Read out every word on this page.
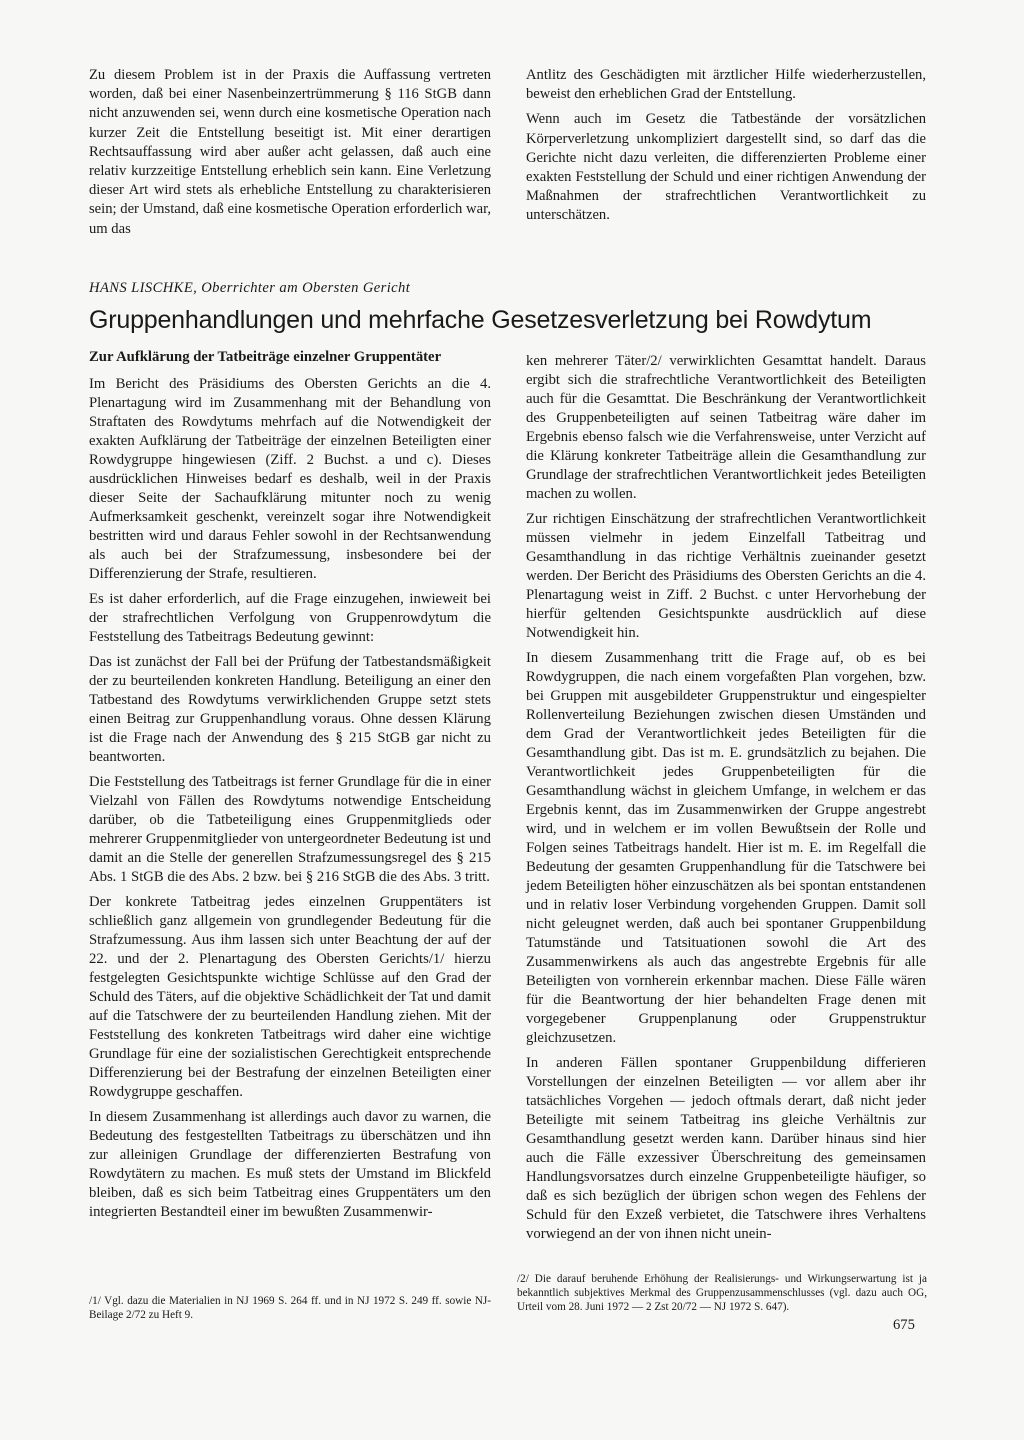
Zu diesem Problem ist in der Praxis die Auffassung vertreten worden, daß bei einer Nasenbeinzertrümmerung § 116 StGB dann nicht anzuwenden sei, wenn durch eine kosmetische Operation nach kurzer Zeit die Entstellung beseitigt ist. Mit einer derartigen Rechtsauffassung wird aber außer acht gelassen, daß auch eine relativ kurzzeitige Entstellung erheblich sein kann. Eine Verletzung dieser Art wird stets als erhebliche Entstellung zu charakterisieren sein; der Umstand, daß eine kosmetische Operation erforderlich war, um das

Antlitz des Geschädigten mit ärztlicher Hilfe wiederherzustellen, beweist den erheblichen Grad der Entstellung.

Wenn auch im Gesetz die Tatbestände der vorsätzlichen Körperverletzung unkompliziert dargestellt sind, so darf das die Gerichte nicht dazu verleiten, die differenzierten Probleme einer exakten Feststellung der Schuld und einer richtigen Anwendung der Maßnahmen der strafrechtlichen Verantwortlichkeit zu unterschätzen.

HANS LISCHKE, Oberrichter am Obersten Gericht
Gruppenhandlungen und mehrfache Gesetzesverletzung bei Rowdytum

Zur Aufklärung der Tatbeiträge einzelner Gruppentäter

Im Bericht des Präsidiums des Obersten Gerichts an die 4. Plenartagung wird im Zusammenhang mit der Behandlung von Straftaten des Rowdytums mehrfach auf die Notwendigkeit der exakten Aufklärung der Tatbeiträge der einzelnen Beteiligten einer Rowdygruppe hingewiesen (Ziff. 2 Buchst. a und c). Dieses ausdrücklichen Hinweises bedarf es deshalb, weil in der Praxis dieser Seite der Sachaufklärung mitunter noch zu wenig Aufmerksamkeit geschenkt, vereinzelt sogar ihre Notwendigkeit bestritten wird und daraus Fehler sowohl in der Rechtsanwendung als auch bei der Strafzumessung, insbesondere bei der Differenzierung der Strafe, resultieren.

Es ist daher erforderlich, auf die Frage einzugehen, inwieweit bei der strafrechtlichen Verfolgung von Gruppenrowdytum die Feststellung des Tatbeitrags Bedeutung gewinnt:

Das ist zunächst der Fall bei der Prüfung der Tatbestandsmäßigkeit der zu beurteilenden konkreten Handlung. Beteiligung an einer den Tatbestand des Rowdytums verwirklichenden Gruppe setzt stets einen Beitrag zur Gruppenhandlung voraus. Ohne dessen Klärung ist die Frage nach der Anwendung des § 215 StGB gar nicht zu beantworten.

Die Feststellung des Tatbeitrags ist ferner Grundlage für die in einer Vielzahl von Fällen des Rowdytums notwendige Entscheidung darüber, ob die Tatbeteiligung eines Gruppenmitglieds oder mehrerer Gruppenmitglieder von untergeordneter Bedeutung ist und damit an die Stelle der generellen Strafzumessungsregel des § 215 Abs. 1 StGB die des Abs. 2 bzw. bei § 216 StGB die des Abs. 3 tritt.

Der konkrete Tatbeitrag jedes einzelnen Gruppentäters ist schließlich ganz allgemein von grundlegender Bedeutung für die Strafzumessung. Aus ihm lassen sich unter Beachtung der auf der 22. und der 2. Plenartagung des Obersten Gerichts/1/ hierzu festgelegten Gesichtspunkte wichtige Schlüsse auf den Grad der Schuld des Täters, auf die objektive Schädlichkeit der Tat und damit auf die Tatschwere der zu beurteilenden Handlung ziehen. Mit der Feststellung des konkreten Tatbeitrags wird daher eine wichtige Grundlage für eine der sozialistischen Gerechtigkeit entsprechende Differenzierung bei der Bestrafung der einzelnen Beteiligten einer Rowdygruppe geschaffen.

In diesem Zusammenhang ist allerdings auch davor zu warnen, die Bedeutung des festgestellten Tatbeitrags zu überschätzen und ihn zur alleinigen Grundlage der differenzierten Bestrafung von Rowdytätern zu machen. Es muß stets der Umstand im Blickfeld bleiben, daß es sich beim Tatbeitrag eines Gruppentäters um den integrierten Bestandteil einer im bewußten Zusammenwir-

ken mehrerer Täter/2/ verwirklichten Gesamttat handelt. Daraus ergibt sich die strafrechtliche Verantwortlichkeit des Beteiligten auch für die Gesamttat. Die Beschränkung der Verantwortlichkeit des Gruppenbeteiligten auf seinen Tatbeitrag wäre daher im Ergebnis ebenso falsch wie die Verfahrensweise, unter Verzicht auf die Klärung konkreter Tatbeiträge allein die Gesamthandlung zur Grundlage der strafrechtlichen Verantwortlichkeit jedes Beteiligten machen zu wollen.

Zur richtigen Einschätzung der strafrechtlichen Verantwortlichkeit müssen vielmehr in jedem Einzelfall Tatbeitrag und Gesamthandlung in das richtige Verhältnis zueinander gesetzt werden. Der Bericht des Präsidiums des Obersten Gerichts an die 4. Plenartagung weist in Ziff. 2 Buchst. c unter Hervorhebung der hierfür geltenden Gesichtspunkte ausdrücklich auf diese Notwendigkeit hin.

In diesem Zusammenhang tritt die Frage auf, ob es bei Rowdygruppen, die nach einem vorgefaßten Plan vorgehen, bzw. bei Gruppen mit ausgebildeter Gruppenstruktur und eingespielter Rollenverteilung Beziehungen zwischen diesen Umständen und dem Grad der Verantwortlichkeit jedes Beteiligten für die Gesamthandlung gibt. Das ist m. E. grundsätzlich zu bejahen. Die Verantwortlichkeit jedes Gruppenbeteiligten für die Gesamthandlung wächst in gleichem Umfange, in welchem er das Ergebnis kennt, das im Zusammenwirken der Gruppe angestrebt wird, und in welchem er im vollen Bewußtsein der Rolle und Folgen seines Tatbeitrags handelt. Hier ist m. E. im Regelfall die Bedeutung der gesamten Gruppenhandlung für die Tatschwere bei jedem Beteiligten höher einzuschätzen als bei spontan entstandenen und in relativ loser Verbindung vorgehenden Gruppen. Damit soll nicht geleugnet werden, daß auch bei spontaner Gruppenbildung Tatumstände und Tatsituationen sowohl die Art des Zusammenwirkens als auch das angestrebte Ergebnis für alle Beteiligten von vornherein erkennbar machen. Diese Fälle wären für die Beantwortung der hier behandelten Frage denen mit vorgegebener Gruppenplanung oder Gruppenstruktur gleichzusetzen.

In anderen Fällen spontaner Gruppenbildung differieren Vorstellungen der einzelnen Beteiligten — vor allem aber ihr tatsächliches Vorgehen — jedoch oftmals derart, daß nicht jeder Beteiligte mit seinem Tatbeitrag ins gleiche Verhältnis zur Gesamthandlung gesetzt werden kann. Darüber hinaus sind hier auch die Fälle exzessiver Überschreitung des gemeinsamen Handlungsvorsatzes durch einzelne Gruppenbeteiligte häufiger, so daß es sich bezüglich der übrigen schon wegen des Fehlens der Schuld für den Exzeß verbietet, die Tatschwere ihres Verhaltens vorwiegend an der von ihnen nicht unein-

/1/ Vgl. dazu die Materialien in NJ 1969 S. 264 ff. und in NJ 1972 S. 249 ff. sowie NJ-Beilage 2/72 zu Heft 9.
/2/ Die darauf beruhende Erhöhung der Realisierungs- und Wirkungserwartung ist ja bekanntlich subjektives Merkmal des Gruppenzusammenschlusses (vgl. dazu auch OG, Urteil vom 28. Juni 1972 — 2 Zst 20/72 — NJ 1972 S. 647).
675
